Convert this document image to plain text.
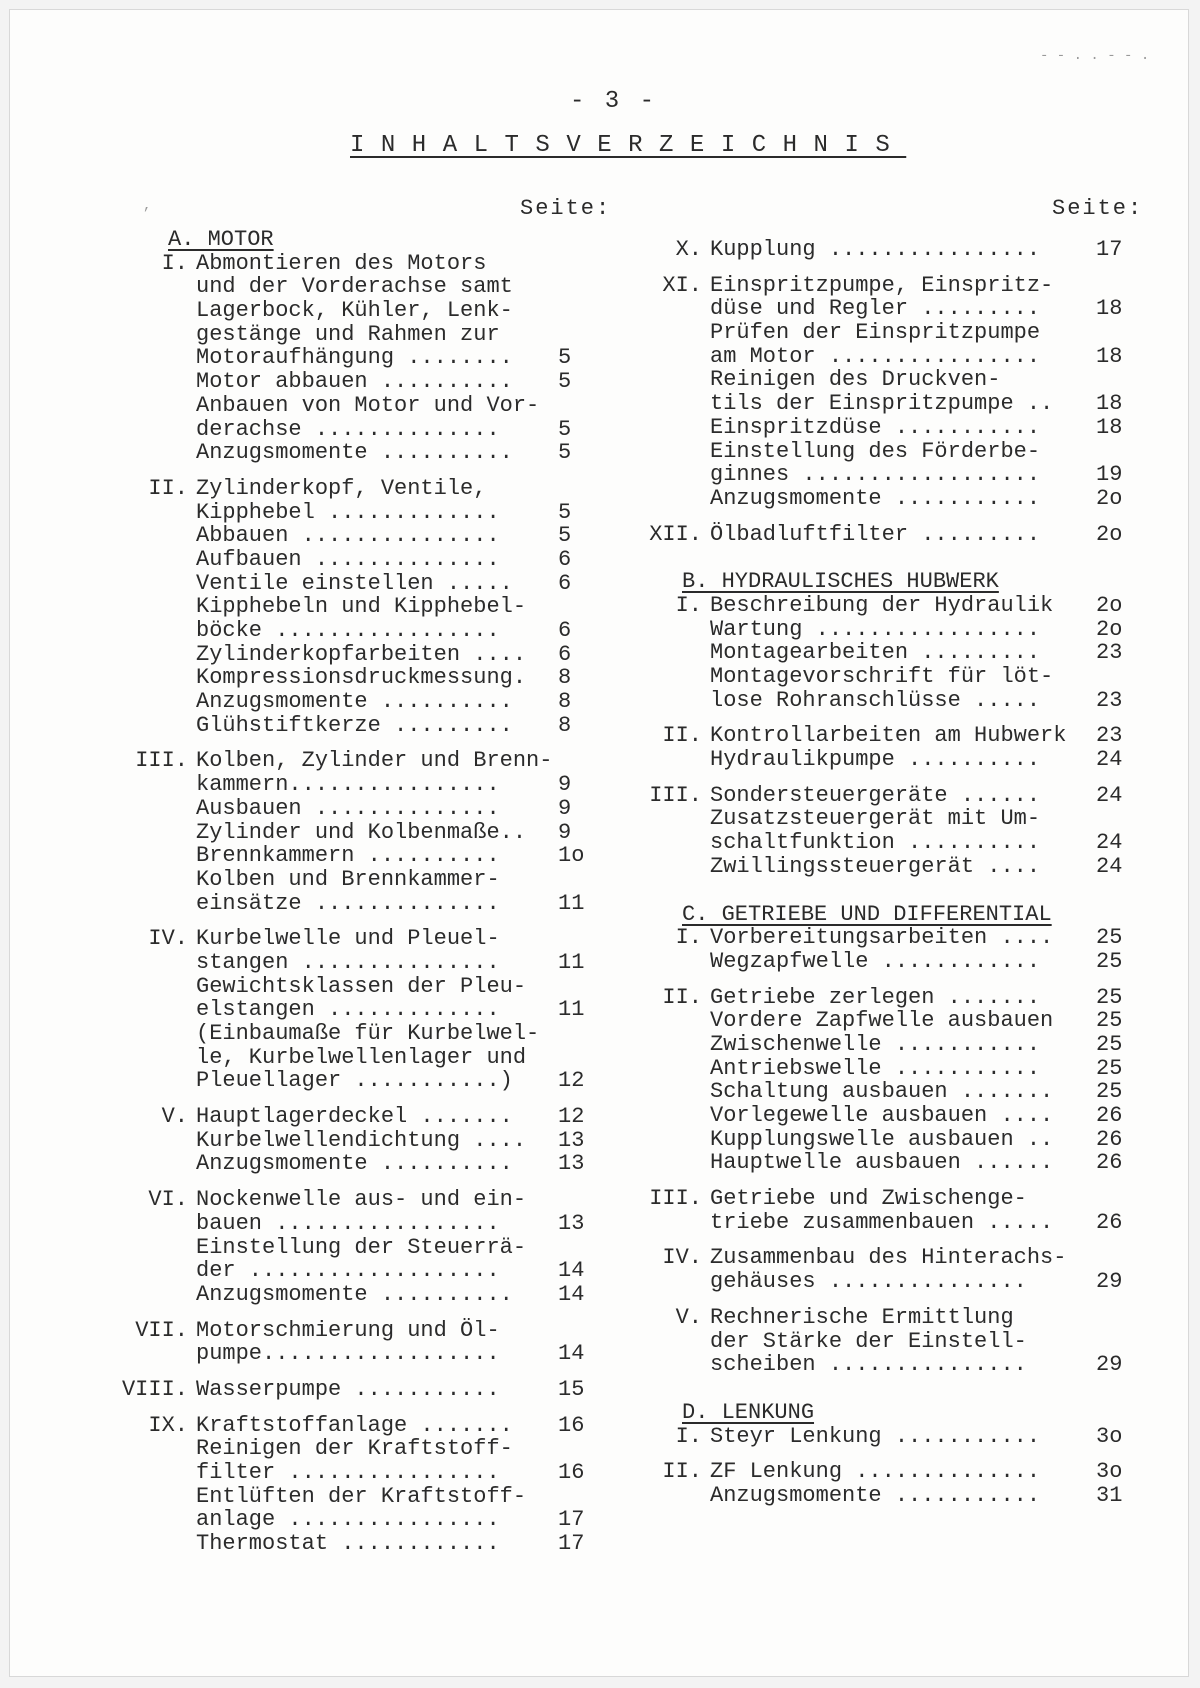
- 3 -
INHALTSVERZEICHNIS
Seite:	Seite:
A. MOTOR
I. Abmontieren des Motors
und der Vorderachse samt
Lagerbock, Kühler, Lenk-
gestänge und Rahmen zur
Motoraufhängung ........ 5
Motor abbauen .......... 5
Anbauen von Motor und Vor-
derachse ..............	5
Anzugsmomente .......... 5
II. Zylinderkopf, Ventile,
Kipphebel .............	5
Abbauen ...............	5
Aufbauen ..............	6
Ventile einstellen ..... 6
Kipphebeln und Kipphebel-
böcke .................	6
Zylinderkopfarbeiten .... 6
Kompressionsdruckmessung. 8
Anzugsmomente .......... 8
Glühstiftkerze ......... 8
III. Kolben, Zylinder und Brenn-
kammern................	9
Ausbauen ..............	9
Zylinder und Kolbenmaße.. 9
Brennkammern ..........	1o
Kolben und Brennkammer-
einsätze ..............	11
IV. Kurbelwelle und Pleuel-
stangen ...............	11
Gewichtsklassen der Pleu-
elstangen .............	11
(Einbaumaße für Kurbelwel-
le, Kurbelwellenlager und
Pleuellager ...........) 12
V. Hauptlagerdeckel ....... 12
Kurbelwellendichtung .... 13
Anzugsmomente .......... 13
VI. Nockenwelle aus- und ein-
bauen .................	13
Einstellung der Steuerrä-
der ...................	14
Anzugsmomente .......... 14
VII. Motorschmierung und Öl-
pumpe..................	14
VIII. Wasserpumpe ...........	15
IX. Kraftstoffanlage ....... 16
Reinigen der Kraftstoff-
filter ................	16
Entlüften der Kraftstoff-
anlage ................	17
Thermostat ............	17
X. Kupplung ................	17
XI. Einspritzpumpe, Einspritz-
düse und Regler .........	18
Prüfen der Einspritzpumpe
am Motor ................	18
Reinigen des Druckven-
tils der Einspritzpumpe .. 18
Einspritzdüse ...........	18
Einstellung des Förderbe-
ginnes ..................	19
Anzugsmomente ...........	2o
XII. Ölbadluftfilter .........	2o
B. HYDRAULISCHES HUBWERK
I. Beschreibung der Hydraulik 2o
Wartung .................	2o
Montagearbeiten .........	23
Montagevorschrift für löt-
lose Rohranschlüsse .....	23
II. Kontrollarbeiten am Hubwerk 23
Hydraulikpumpe ..........	24
III. Sondersteuergeräte ......	24
Zusatzsteuergerät mit Um-
schaltfunktion ..........	24
Zwillingssteuergerät ....	24
C. GETRIEBE UND DIFFERENTIAL
I. Vorbereitungsarbeiten .... 25
Wegzapfwelle ............	25
II. Getriebe zerlegen .......	25
Vordere Zapfwelle ausbauen 25
Zwischenwelle ...........	25
Antriebswelle ...........	25
Schaltung ausbauen ....... 25
Vorlegewelle ausbauen .... 26
Kupplungswelle ausbauen .. 26
Hauptwelle ausbauen ...... 26
III. Getriebe und Zwischenge-
triebe zusammenbauen ..... 26
IV. Zusammenbau des Hinterachs-
gehäuses ...............	29
V. Rechnerische Ermittlung
der Stärke der Einstell-
scheiben ...............	29
D. LENKUNG
I. Steyr Lenkung ...........	3o
II. ZF Lenkung ..............	3o
Anzugsmomente ...........	31
- - . . - - .
,
